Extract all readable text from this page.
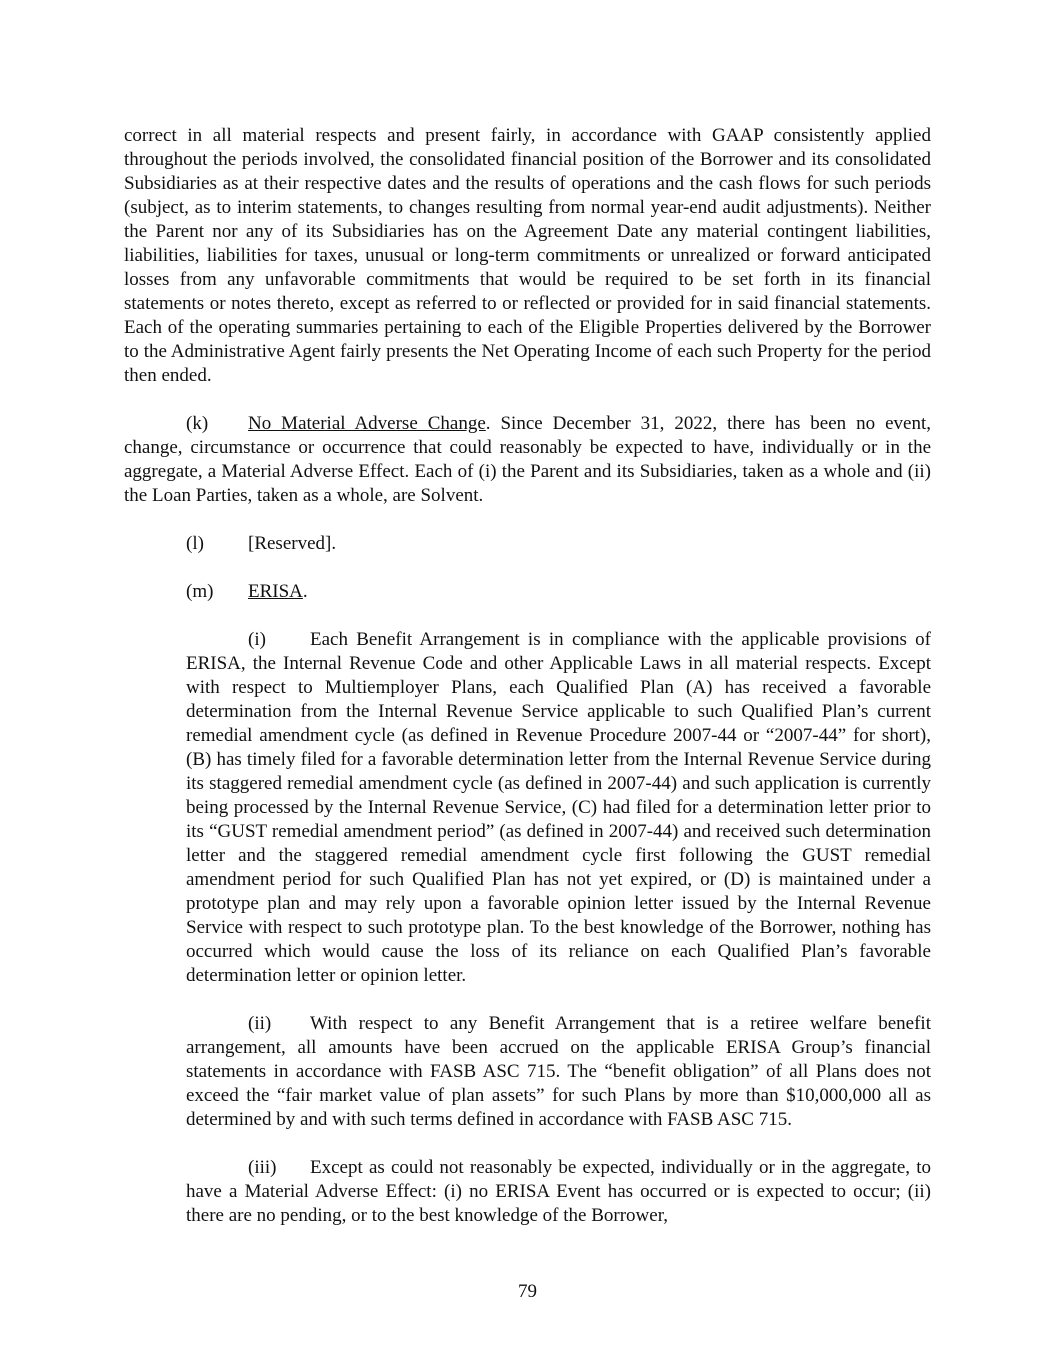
correct in all material respects and present fairly, in accordance with GAAP consistently applied throughout the periods involved, the consolidated financial position of the Borrower and its consolidated Subsidiaries as at their respective dates and the results of operations and the cash flows for such periods (subject, as to interim statements, to changes resulting from normal year-end audit adjustments). Neither the Parent nor any of its Subsidiaries has on the Agreement Date any material contingent liabilities, liabilities, liabilities for taxes, unusual or long-term commitments or unrealized or forward anticipated losses from any unfavorable commitments that would be required to be set forth in its financial statements or notes thereto, except as referred to or reflected or provided for in said financial statements. Each of the operating summaries pertaining to each of the Eligible Properties delivered by the Borrower to the Administrative Agent fairly presents the Net Operating Income of each such Property for the period then ended.

(k) No Material Adverse Change. Since December 31, 2022, there has been no event, change, circumstance or occurrence that could reasonably be expected to have, individually or in the aggregate, a Material Adverse Effect. Each of (i) the Parent and its Subsidiaries, taken as a whole and (ii) the Loan Parties, taken as a whole, are Solvent.

(l) [Reserved].

(m) ERISA.

(i) Each Benefit Arrangement is in compliance with the applicable provisions of ERISA, the Internal Revenue Code and other Applicable Laws in all material respects. Except with respect to Multiemployer Plans, each Qualified Plan (A) has received a favorable determination from the Internal Revenue Service applicable to such Qualified Plan’s current remedial amendment cycle (as defined in Revenue Procedure 2007-44 or “2007-44” for short), (B) has timely filed for a favorable determination letter from the Internal Revenue Service during its staggered remedial amendment cycle (as defined in 2007-44) and such application is currently being processed by the Internal Revenue Service, (C) had filed for a determination letter prior to its “GUST remedial amendment period” (as defined in 2007-44) and received such determination letter and the staggered remedial amendment cycle first following the GUST remedial amendment period for such Qualified Plan has not yet expired, or (D) is maintained under a prototype plan and may rely upon a favorable opinion letter issued by the Internal Revenue Service with respect to such prototype plan. To the best knowledge of the Borrower, nothing has occurred which would cause the loss of its reliance on each Qualified Plan’s favorable determination letter or opinion letter.

(ii) With respect to any Benefit Arrangement that is a retiree welfare benefit arrangement, all amounts have been accrued on the applicable ERISA Group’s financial statements in accordance with FASB ASC 715. The “benefit obligation” of all Plans does not exceed the “fair market value of plan assets” for such Plans by more than $10,000,000 all as determined by and with such terms defined in accordance with FASB ASC 715.

(iii) Except as could not reasonably be expected, individually or in the aggregate, to have a Material Adverse Effect: (i) no ERISA Event has occurred or is expected to occur; (ii) there are no pending, or to the best knowledge of the Borrower,

79
